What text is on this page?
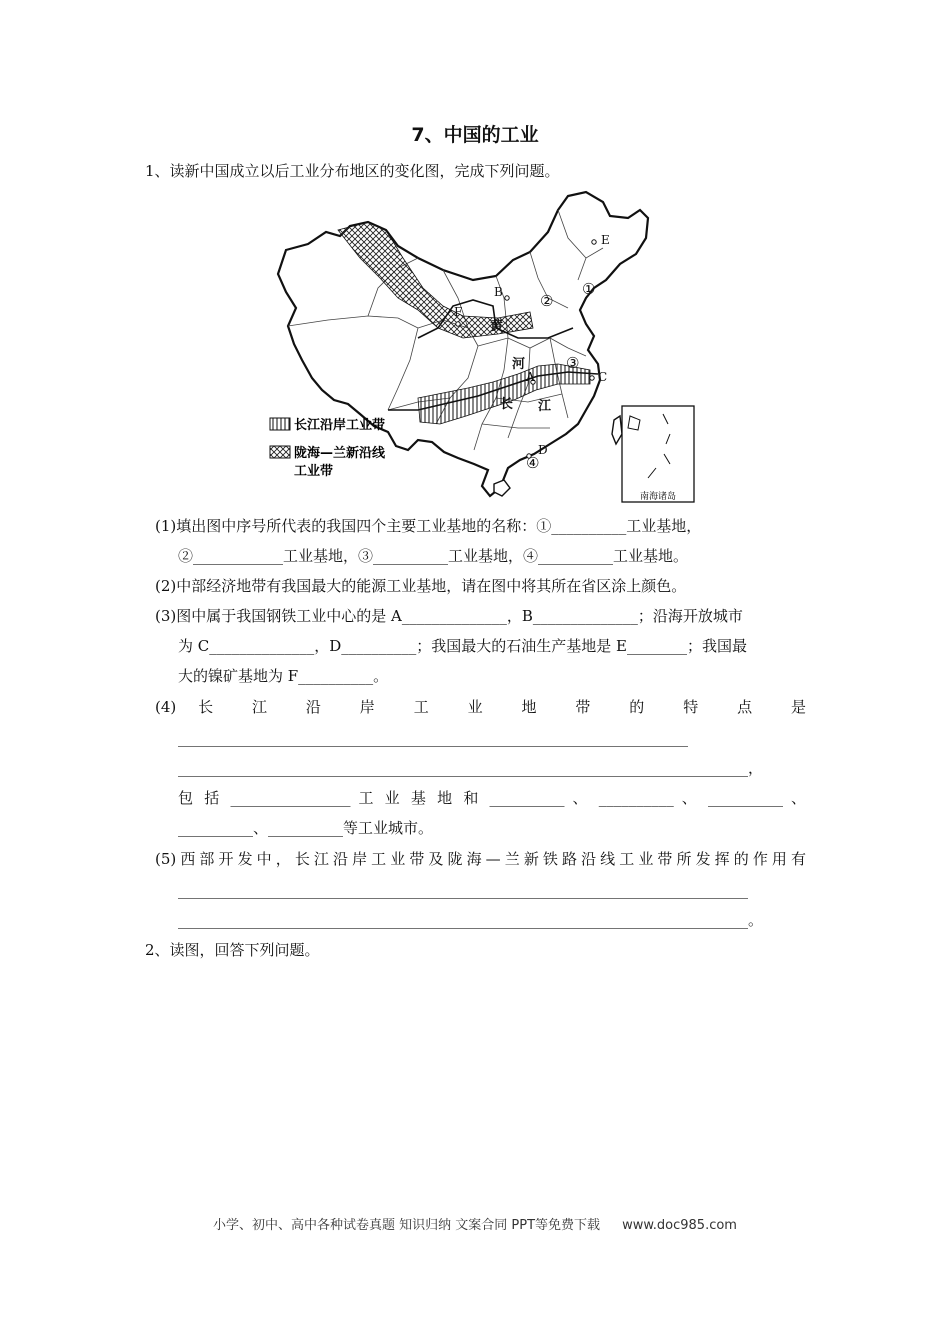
7、中国的工业
1、读新中国成立以后工业分布地区的变化图，完成下列问题。
南海诸岛
黄
河
长 江
B
F
A	C
D
E
①
②
③
④
长江沿岸工业带
陇海—兰新沿线
工业带
(1)填出图中序号所代表的我国四个主要工业基地的名称：①__________工业基地，
②____________工业基地，③__________工业基地，④__________工业基地。
(2)中部经济地带有我国最大的能源工业基地，请在图中将其所在省区涂上颜色。
(3)图中属于我国钢铁工业中心的是 A______________，B______________；沿海开放城市
为 C______________，D__________；我国最大的石油生产基地是 E________；我国最
大的镍矿基地为 F__________。
(4) 长 江 沿 岸 工 业 地 带 的 特 点 是
____________________________________________________________________
____________________________________________________________________________，
包 括 ________________ 工 业 基 地 和 __________ 、 __________ 、 __________ 、
__________、__________等工业城市。
(5)西部开发中，长江沿岸工业带及陇海—兰新铁路沿线工业带所发挥的作用有
____________________________________________________________________________
____________________________________________________________________________。
2、读图，回答下列问题。
小学、初中、高中各种试卷真题 知识归纳 文案合同 PPT等免费下载 www.doc985.com
